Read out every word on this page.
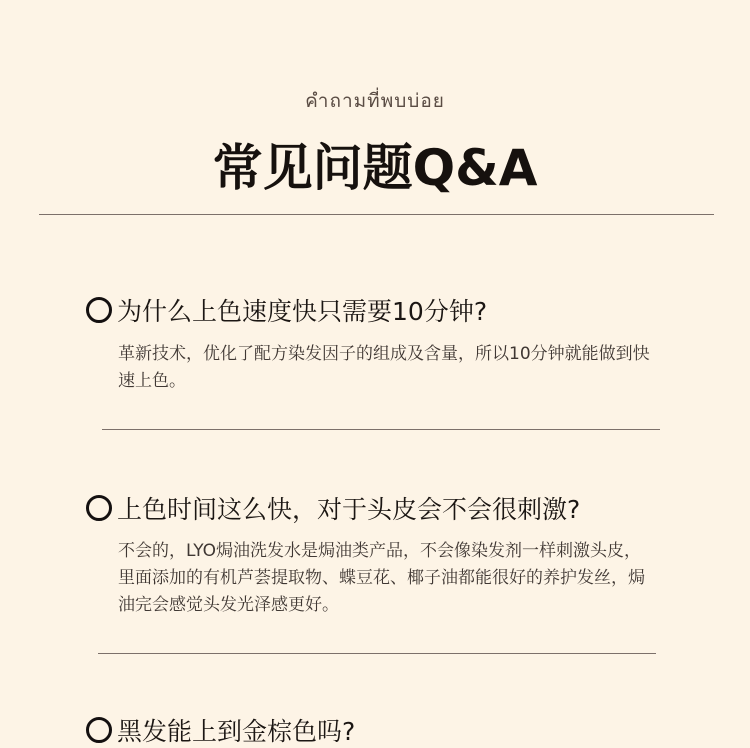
คำถามที่พบบ่อย
常见问题Q&A
为什么上色速度快只需要10分钟?
革新技术，优化了配方染发因子的组成及含量，所以10分钟就能做到快速上色。
上色时间这么快，对于头皮会不会很刺激?
不会的，LYO焗油洗发水是焗油类产品，不会像染发剂一样刺激头皮，里面添加的有机芦荟提取物、蝶豆花、椰子油都能很好的养护发丝，焗油完会感觉头发光泽感更好。
黑发能上到金棕色吗?
